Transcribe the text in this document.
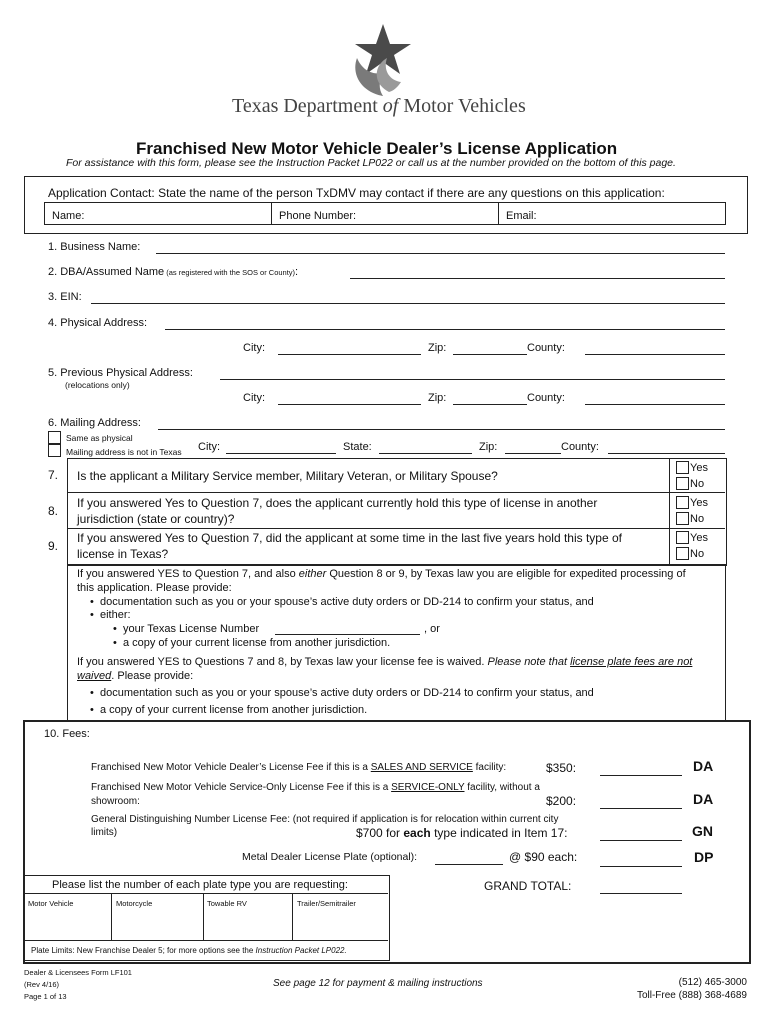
Texas Department of Motor Vehicles
Franchised New Motor Vehicle Dealer’s License Application
For assistance with this form, please see the Instruction Packet LP022 or call us at the number provided on the bottom of this page.
Application Contact: State the name of the person TxDMV may contact if there are any questions on this application:
Name:	Phone Number:	Email:
1. Business Name:
2. DBA/Assumed Name (as registered with the SOS or County):
3. EIN:
4. Physical Address:
City:	Zip:	County:
5. Previous Physical Address:
(relocations only)
City:	Zip:	County:
6. Mailing Address:
Same as physical
Mailing address is not in Texas City:	State:	Zip:	County:
7. Is the applicant a Military Service member, Military Veteran, or Military Spouse?
Yes
No
8.
If you answered Yes to Question 7, does the applicant currently hold this type of license in another
jurisdiction (state or country)?
Yes
No
9.
If you answered Yes to Question 7, did the applicant at some time in the last five years hold this type of
license in Texas?
Yes
No
If you answered YES to Question 7, and also either Question 8 or 9, by Texas law you are eligible for expedited processing of
this application. Please provide:
•  documentation such as you or your spouse’s active duty orders or DD-214 to confirm your status, and
•  either:
•  your Texas License Number	, or
•  a copy of your current license from another jurisdiction.
If you answered YES to Questions 7 and 8, by Texas law your license fee is waived. Please note that license plate fees are not
waived. Please provide:
•  documentation such as you or your spouse’s active duty orders or DD-214 to confirm your status, and
•  a copy of your current license from another jurisdiction.
10. Fees:
Franchised New Motor Vehicle Dealer’s License Fee if this is a SALES AND SERVICE facility:	$350:	DA
Franchised New Motor Vehicle Service-Only License Fee if this is a SERVICE-ONLY facility, without a
showroom:	$200:	DA
General Distinguishing Number License Fee: (not required if application is for relocation within current city
limits)	$700 for each type indicated in Item 17:	GN
Metal Dealer License Plate (optional):	@ $90 each:	DP
Please list the number of each plate type you are requesting:
Motor Vehicle	Motorcycle	Towable RV	Trailer/Semitrailer
Plate Limits: New Franchise Dealer 5; for more options see the Instruction Packet LP022.
GRAND TOTAL:
Dealer & Licensees Form LF101
(Rev 4/16)
Page 1 of 13
See page 12 for payment & mailing instructions	(512) 465-3000
Toll-Free (888) 368-4689
